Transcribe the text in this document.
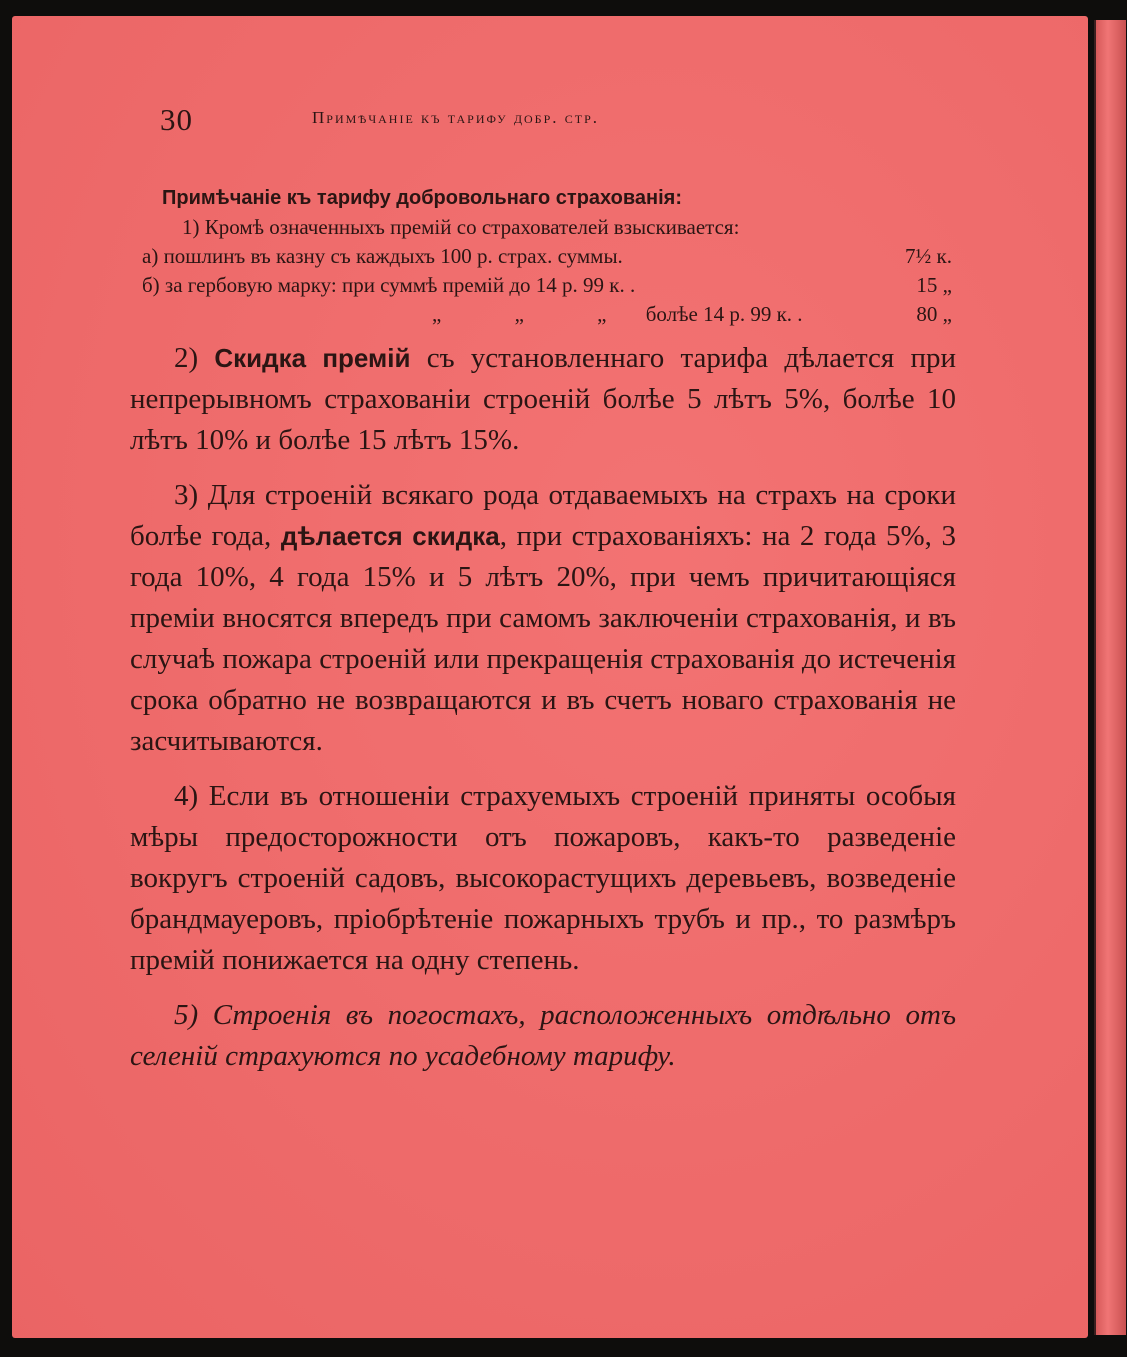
30	Примѣчаніе къ тарифу добр. стр.
Примѣчаніе къ тарифу добровольнаго страхованія:
1) Кромѣ означенныхъ премій со страхователей взыскивается:
а) пошлинъ въ казну съ каждыхъ 100 р. страх. суммы.	7½ к.
б) за гербовую марку: при суммѣ премій до 14 р. 99 к. .	15 „
„ „ „ болѣе 14 р. 99 к. .	80 „

2) Скидка премій съ установленнаго тарифа дѣлается при непрерывномъ страхованіи строеній болѣе 5 лѣтъ 5%, болѣе 10 лѣтъ 10% и болѣе 15 лѣтъ 15%.

3) Для строеній всякаго рода отдаваемыхъ на страхъ на сроки болѣе года, дѣлается скидка, при страхованіяхъ: на 2 года 5%, 3 года 10%, 4 года 15% и 5 лѣтъ 20%, при чемъ причитающіяся преміи вносятся впередъ при самомъ заключеніи страхованія, и въ случаѣ пожара строеній или прекращенія страхованія до истеченія срока обратно не возвращаются и въ счетъ новаго страхованія не засчитываются.

4) Если въ отношеніи страхуемыхъ строеній приняты особыя мѣры предосторожности отъ пожаровъ, какъ-то разведеніе вокругъ строеній садовъ, высокорастущихъ деревьевъ, возведеніе брандмауеровъ, пріобрѣтеніе пожарныхъ трубъ и пр., то размѣръ премій понижается на одну степень.

5) Строенія въ погостахъ, расположенныхъ отдѣльно отъ селеній страхуются по усадебному тарифу.
